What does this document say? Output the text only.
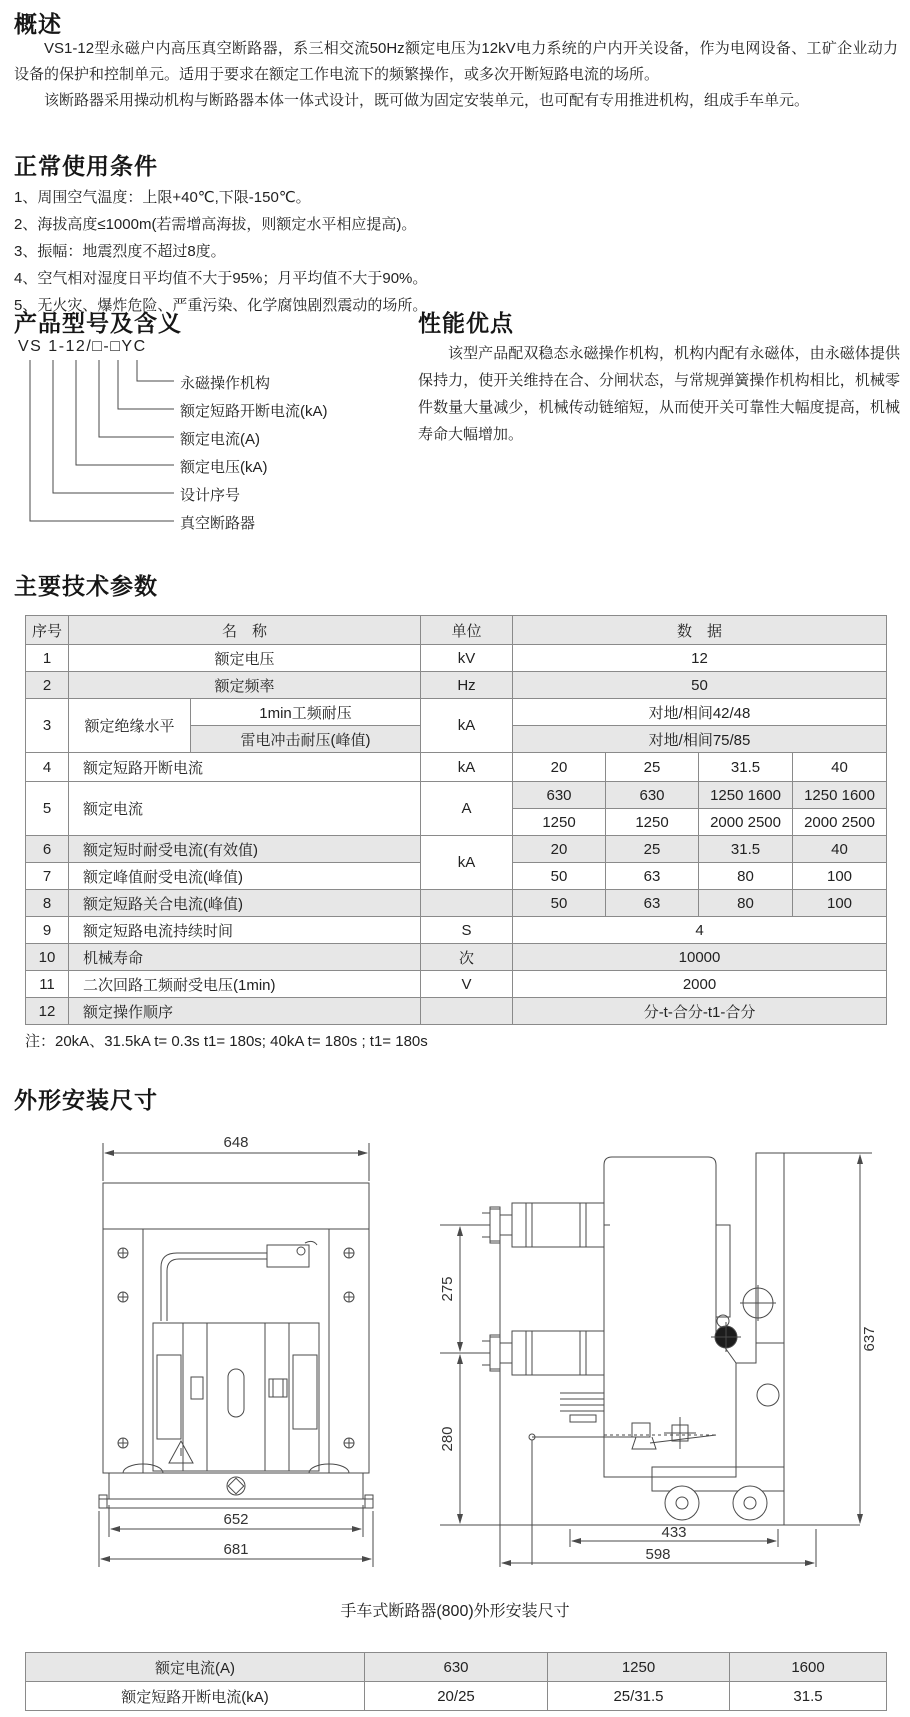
概述
VS1-12型永磁户内高压真空断路器，系三相交流50Hz额定电压为12kV电力系统的户内开关设备，作为电网设备、工矿企业动力设备的保护和控制单元。适用于要求在额定工作电流下的频繁操作，或多次开断短路电流的场所。
该断路器采用操动机构与断路器本体一体式设计，既可做为固定安装单元，也可配有专用推进机构，组成手车单元。
正常使用条件
1、周围空气温度：上限+40℃,下限-150℃。
2、海拔高度≤1000m(若需增高海拔，则额定水平相应提高)。
3、振幅：地震烈度不超过8度。
4、空气相对湿度日平均值不大于95%；月平均值不大于90%。
5、无火灾、爆炸危险、严重污染、化学腐蚀剧烈震动的场所。
产品型号及含义
VS 1-12/□-□YC
永磁操作机构
额定短路开断电流(kA)
额定电流(A)
额定电压(kA)
设计序号
真空断路器
性能优点
该型产品配双稳态永磁操作机构，机构内配有永磁体，由永磁体提供保持力，使开关维持在合、分闸状态，与常规弹簧操作机构相比，机械零件数量大量减少，机械传动链缩短，从而使开关可靠性大幅度提高，机械寿命大幅增加。
主要技术参数
序号	名　称		单位	数　据			
1	额定电压		kV	12			
2	额定频率		Hz	50			
3	额定绝缘水平	1min工频耐压	kA	对地/相间42/48			
		雷电冲击耐压(峰值)		对地/相间75/85			
4	额定短路开断电流		kA	20	25	31.5	40
5	额定电流		A	630	630	1250 1600	1250 1600
				1250	1250	2000 2500	2000 2500
6	额定短时耐受电流(有效值)		kA	20	25	31.5	40
7	额定峰值耐受电流(峰值)			50	63	80	100
8	额定短路关合电流(峰值)			50	63	80	100
9	额定短路电流持续时间		S	4			
10	机械寿命		次	10000			
11	二次回路工频耐受电压(1min)		V	2000			
12	额定操作顺序			分-t-合分-t1-合分			
注：20kA、31.5kA t= 0.3s t1= 180s; 40kA t= 180s ; t1= 180s
外形安装尺寸
648
652
681
275
280
637
433
598
手车式断路器(800)外形安装尺寸
额定电流(A)	630	1250	1600
额定短路开断电流(kA)	20/25	25/31.5	31.5
